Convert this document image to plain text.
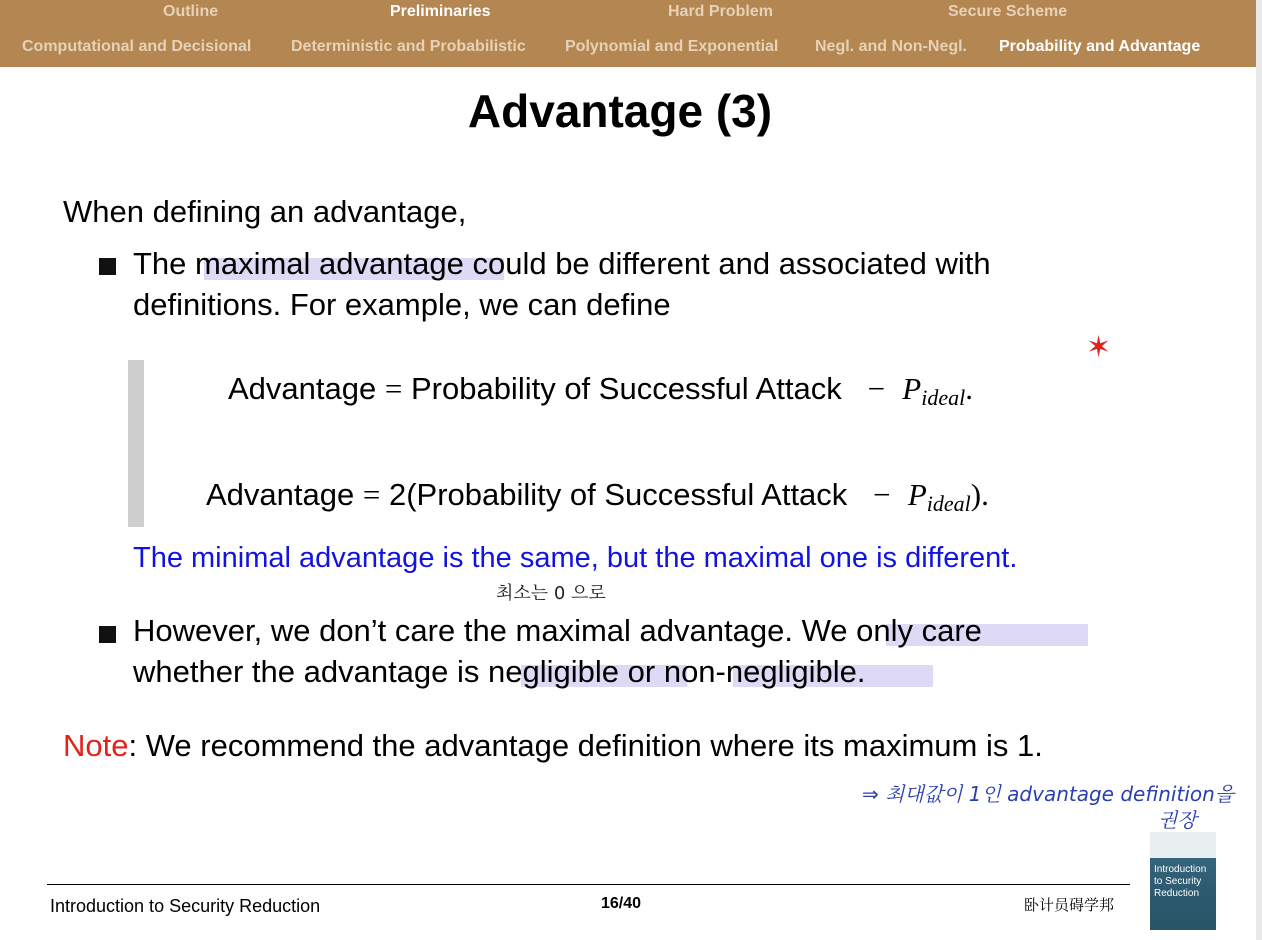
Outline	Preliminaries	Hard Problem	Secure Scheme
Computational and Decisional Deterministic and Probabilistic Polynomial and Exponential Negl. and Non-Negl. Probability and Advantage
Advantage (3)
When defining an advantage,
The maximal advantage could be different and associated with
definitions. For example, we can define
Advantage = Probability of Successful Attack − Pideal.
Advantage = 2(Probability of Successful Attack − Pideal).
✶
The minimal advantage is the same, but the maximal one is different.
최소는 0 으로
However, we don’t care the maximal advantage. We only care
whether the advantage is negligible or non-negligible.
Note: We recommend the advantage definition where its maximum is 1.
⇒ 최대값이 1인 advantage definition을
권장
Introduction to Security Reduction	16/40	卧计员碍学邦
Introduction
to Security
Reduction
